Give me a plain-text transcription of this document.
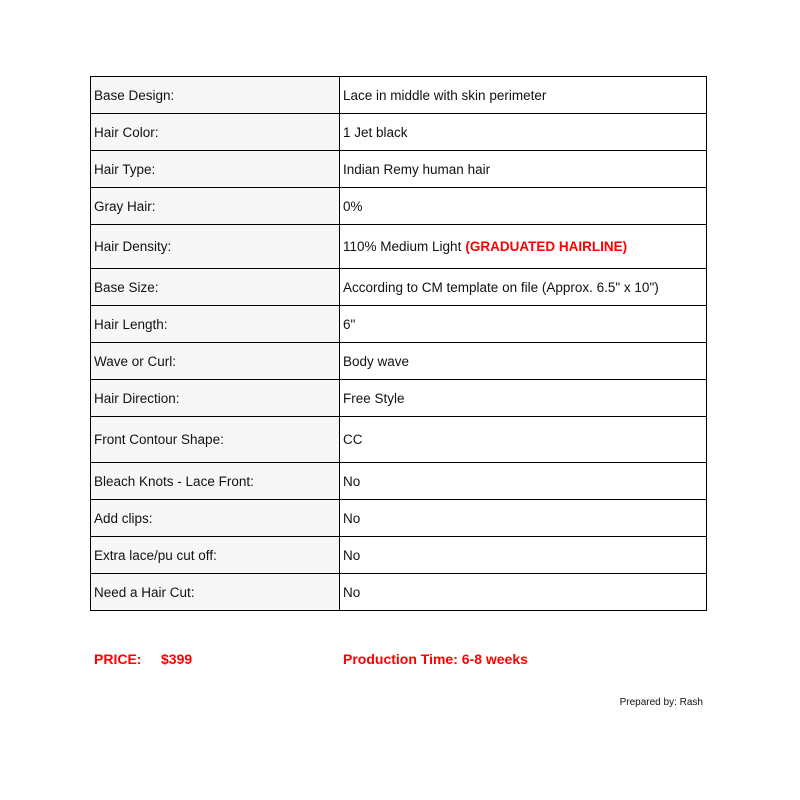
Base Design:	Lace in middle with skin perimeter
Hair Color:	1 Jet black
Hair Type:	Indian Remy human hair
Gray Hair:	0%
Hair Density:	110% Medium Light (GRADUATED HAIRLINE)
Base Size:	According to CM template on file (Approx. 6.5" x 10")
Hair Length:	6"
Wave or Curl:	Body wave
Hair Direction:	Free Style
Front Contour Shape:	CC
Bleach Knots - Lace Front:	No
Add clips:	No
Extra lace/pu cut off:	No
Need a Hair Cut:	No
PRICE: $399	Production Time: 6-8 weeks
Prepared by: Rash
